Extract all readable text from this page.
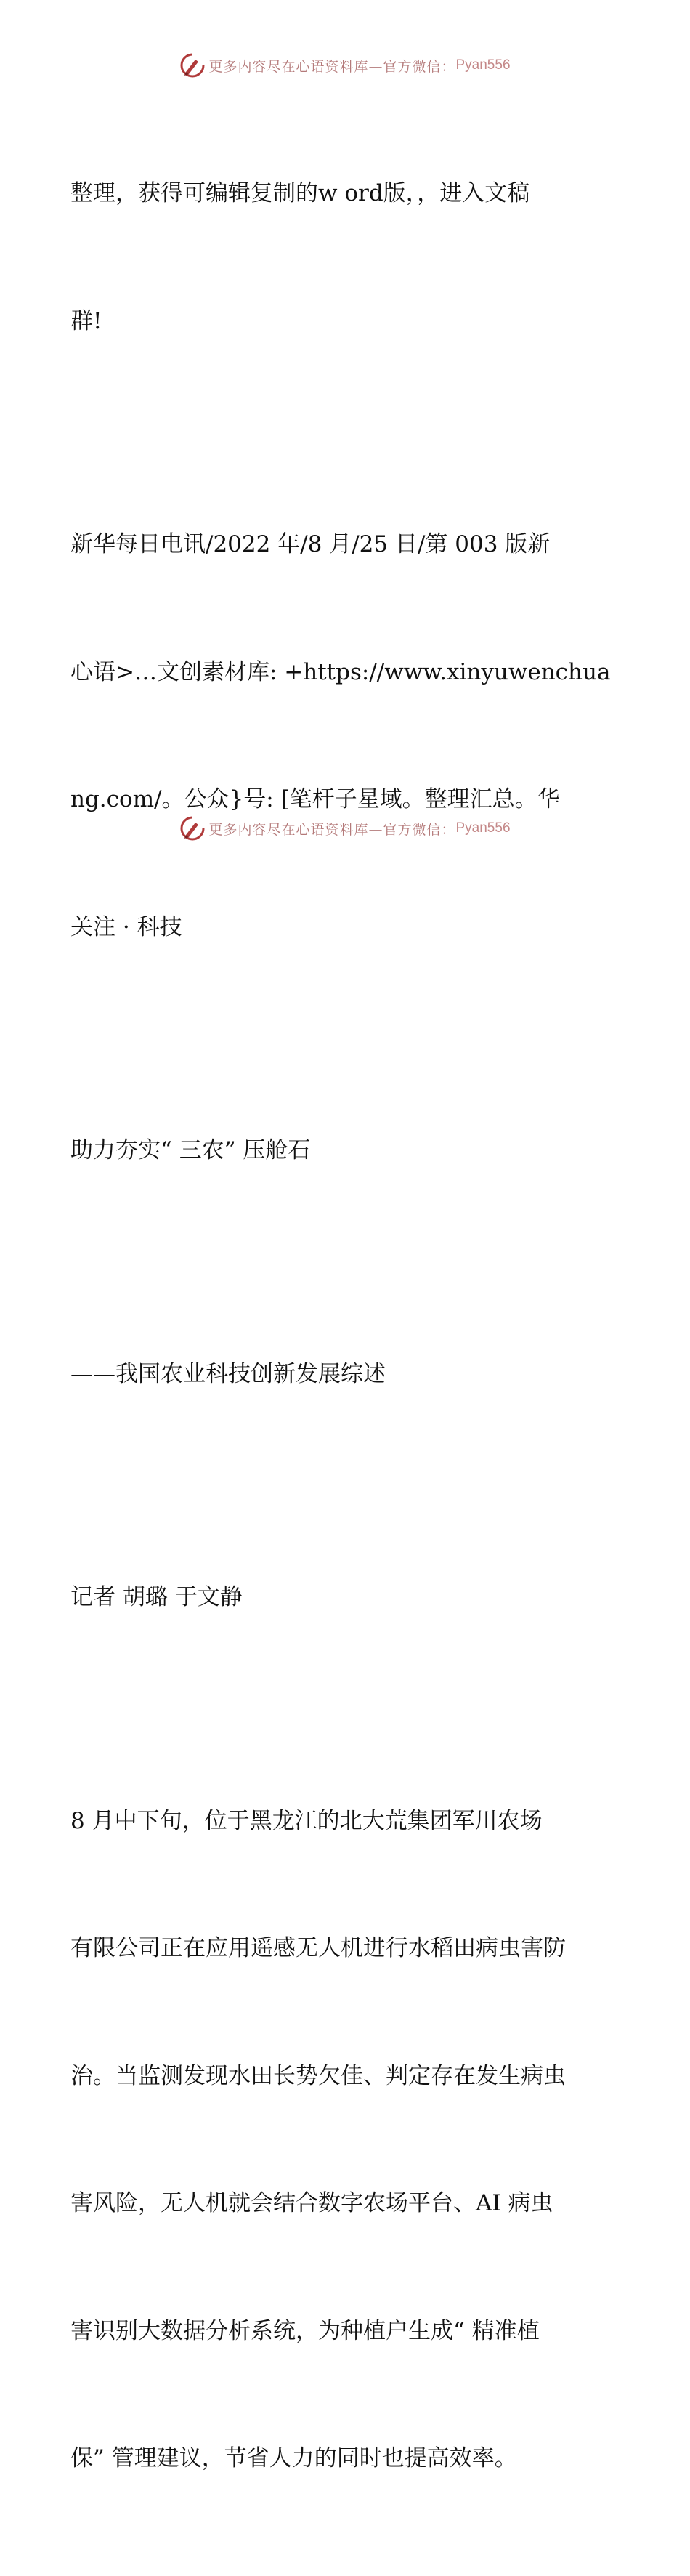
更多内容尽在心语资料库—官方微信： Pyan556

整理，获得可编辑复制的w ord版，，进入文稿

群!

新华每日电讯/2022 年/8 月/25 日/第 003 版新

心语>…文创素材库: +https://www.xinyuwenchua

ng.com/。公众}号: [笔杆子星域。整理汇总。华

关注 · 科技

助力夯实“ 三农” 压舱石

——我国农业科技创新发展综述

记者 胡璐 于文静

8 月中下旬，位于黑龙江的北大荒集团军川农场

有限公司正在应用遥感无人机进行水稻田病虫害防

治。当监测发现水田长势欠佳、判定存在发生病虫

害风险，无人机就会结合数字农场平台、AI 病虫

害识别大数据分析系统，为种植户生成“ 精准植

保” 管理建议，节省人力的同时也提高效率。

更多内容尽在心语资料库—官方微信： Pyan556
